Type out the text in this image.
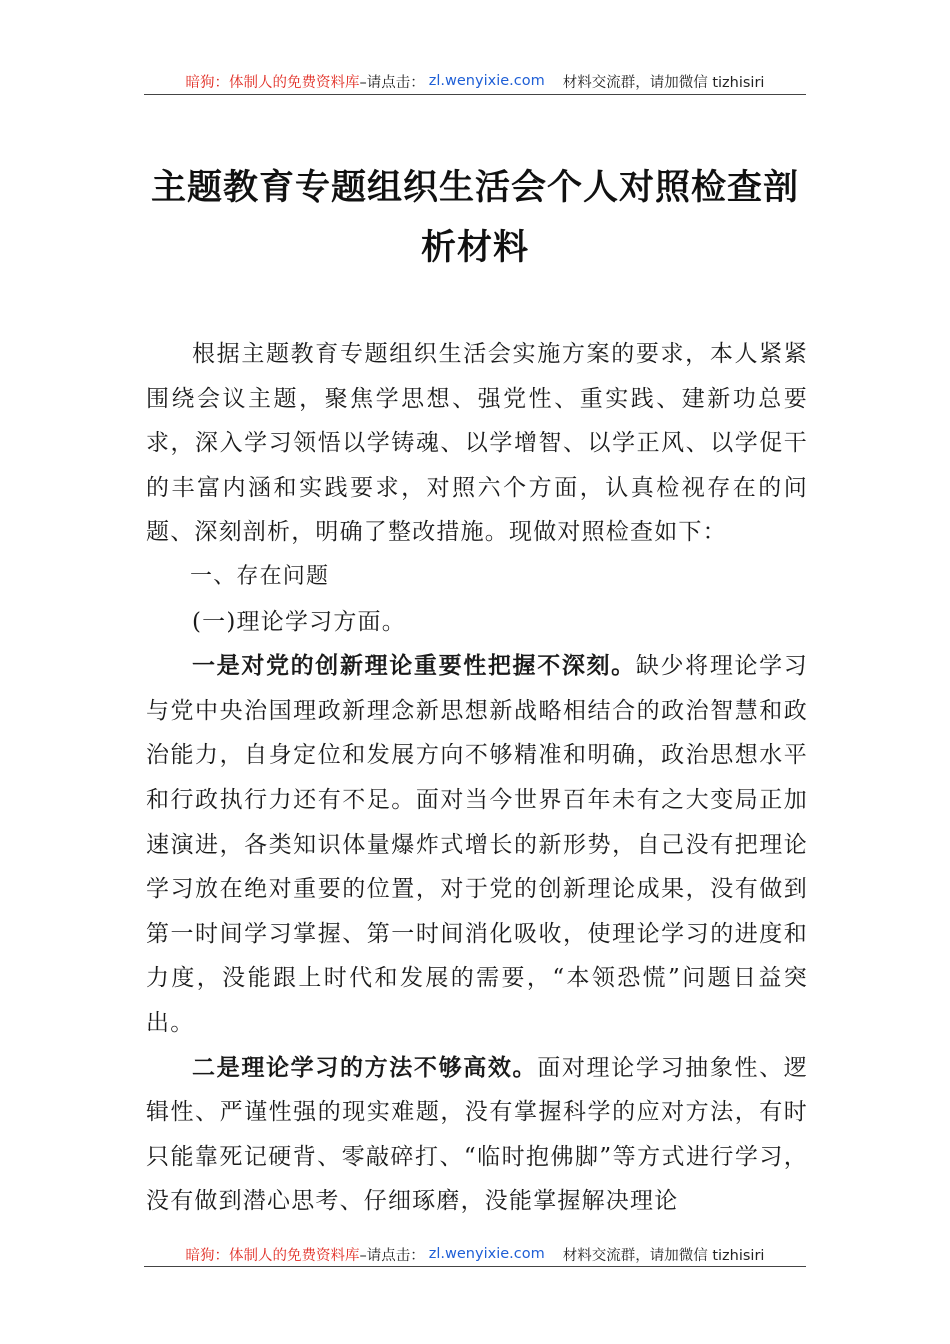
暗狗：体制人的免费资料库 –请点击： zl.wenyixie.com 材料交流群，请加微信 tizhisiri
主题教育专题组织生活会个人对照检查剖析材料

根据主题教育专题组织生活会实施方案的要求，本人紧紧围绕会议主题，聚焦学思想、强党性、重实践、建新功总要求，深入学习领悟以学铸魂、以学增智、以学正风、以学促干的丰富内涵和实践要求，对照六个方面，认真检视存在的问题、深刻剖析，明确了整改措施。现做对照检查如下：

一、存在问题

(一)理论学习方面。

一是对党的创新理论重要性把握不深刻。缺少将理论学习与党中央治国理政新理念新思想新战略相结合的政治智慧和政治能力，自身定位和发展方向不够精准和明确，政治思想水平和行政执行力还有不足。面对当今世界百年未有之大变局正加速演进，各类知识体量爆炸式增长的新形势，自己没有把理论学习放在绝对重要的位置，对于党的创新理论成果，没有做到第一时间学习掌握、第一时间消化吸收，使理论学习的进度和力度，没能跟上时代和发展的需要，“本领恐慌”问题日益突出。

二是理论学习的方法不够高效。面对理论学习抽象性、逻辑性、严谨性强的现实难题，没有掌握科学的应对方法，有时只能靠死记硬背、零敲碎打、“临时抱佛脚”等方式进行学习，没有做到潜心思考、仔细琢磨，没能掌握解决理论

暗狗：体制人的免费资料库 –请点击： zl.wenyixie.com 材料交流群，请加微信 tizhisiri
